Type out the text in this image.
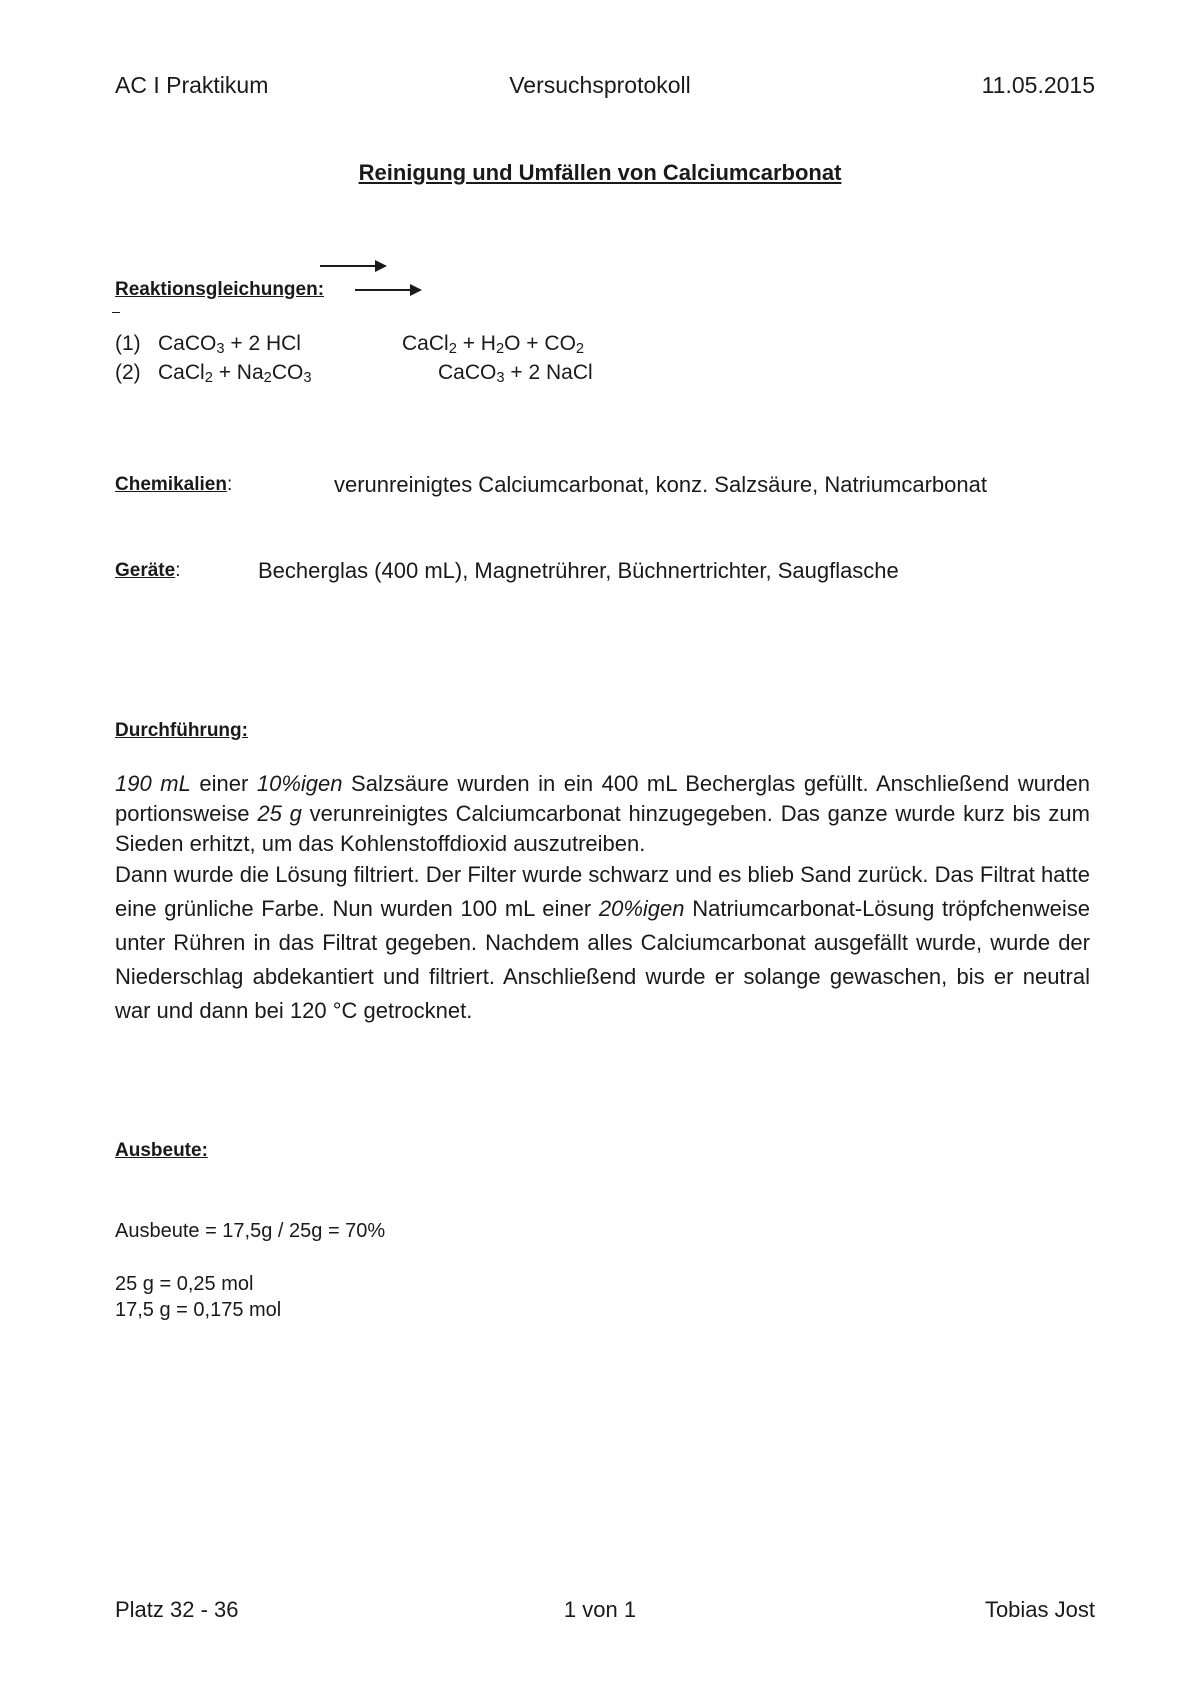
AC I Praktikum	Versuchsprotokoll	11.05.2015
Reinigung und Umfällen von Calciumcarbonat
Reaktionsgleichungen:
(1) CaCO$_3$ + 2 HCl	CaCl$_2$ + $H_2O + CO_2$
(2) CaCl$_2$ + $Na_2CO_3$	CaCO$_3$ + 2 NaCl
Chemikalien:	verunreinigtes Calciumcarbonat, konz. Salzsäure, Natriumcarbonat
Geräte:	Becherglas (400 mL), Magnetrührer, Büchnertrichter, Saugflasche
Durchführung:

190 mL einer 10%igen Salzsäure wurden in ein 400 mL Becherglas gefüllt. Anschließend wurden portionsweise 25 g verunreinigtes Calciumcarbonat hinzugegeben. Das ganze wurde kurz bis zum Sieden erhitzt, um das Kohlenstoffdioxid auszutreiben.

Dann wurde die Lösung filtriert. Der Filter wurde schwarz und es blieb Sand zurück. Das Filtrat hatte eine grünliche Farbe. Nun wurden 100 mL einer 20%igen Natriumcarbonat-Lösung tröpfchenweise unter Rühren in das Filtrat gegeben. Nachdem alles Calciumcarbonat ausgefällt wurde, wurde der Niederschlag abdekantiert und filtriert. Anschließend wurde er solange gewaschen, bis er neutral war und dann bei 120 °C getrocknet.

Ausbeute:
Ausbeute = 17,5g / 25g = 70%
25 g = 0,25 mol
17,5 g = 0,175 mol
Platz 32 - 36	1 von 1	Tobias Jost
